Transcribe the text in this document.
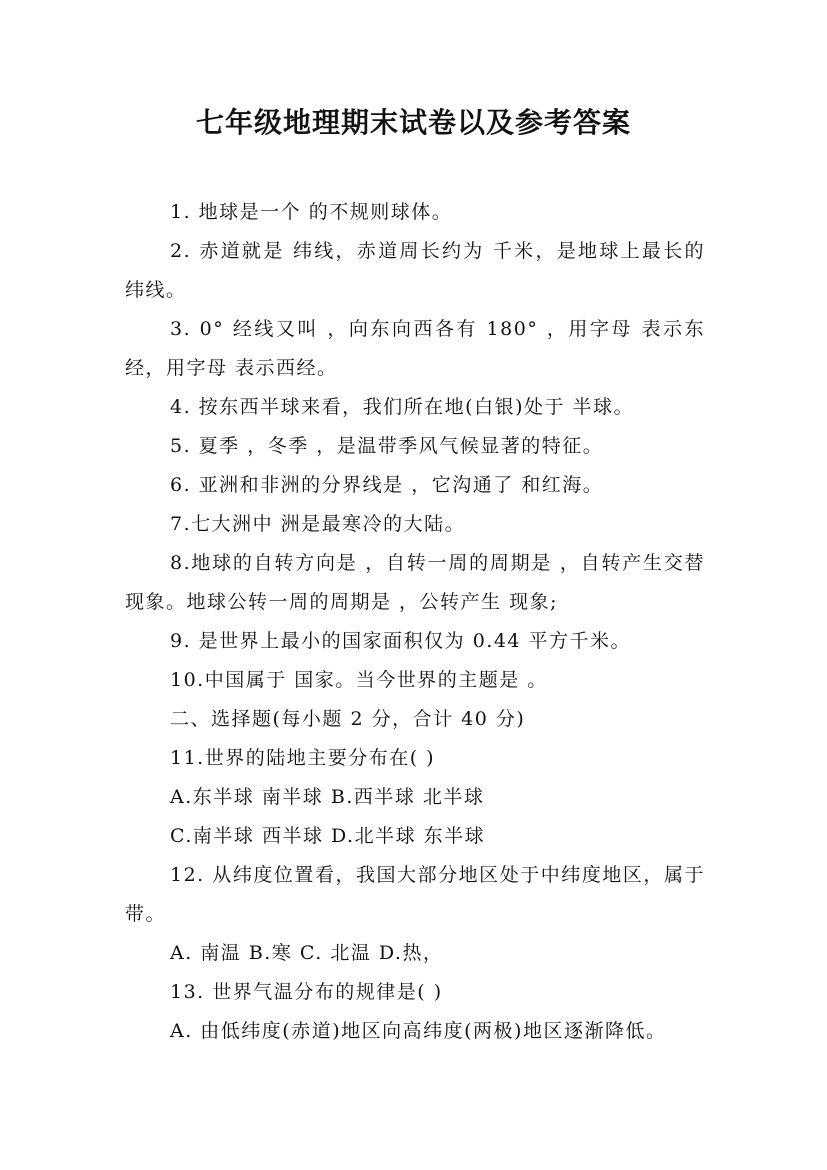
七年级地理期末试卷以及参考答案

1. 地球是一个 的不规则球体。

2. 赤道就是 纬线，赤道周长约为 千米，是地球上最长的纬线。

3. 0° 经线又叫 ，向东向西各有 180° ，用字母 表示东经，用字母 表示西经。

4. 按东西半球来看，我们所在地(白银)处于 半球。

5. 夏季 ，冬季 ，是温带季风气候显著的特征。

6. 亚洲和非洲的分界线是 ，它沟通了 和红海。

7.七大洲中 洲是最寒冷的大陆。

8.地球的自转方向是 ，自转一周的周期是 ，自转产生交替现象。地球公转一周的周期是 ，公转产生 现象;

9. 是世界上最小的国家面积仅为 0.44 平方千米。

10.中国属于 国家。当今世界的主题是 。

二、选择题(每小题 2 分，合计 40 分)

11.世界的陆地主要分布在( )

A.东半球 南半球 B.西半球 北半球

C.南半球 西半球 D.北半球 东半球

12. 从纬度位置看，我国大部分地区处于中纬度地区，属于 带。

A. 南温 B.寒 C. 北温 D.热，

13. 世界气温分布的规律是( )

A. 由低纬度(赤道)地区向高纬度(两极)地区逐渐降低。
